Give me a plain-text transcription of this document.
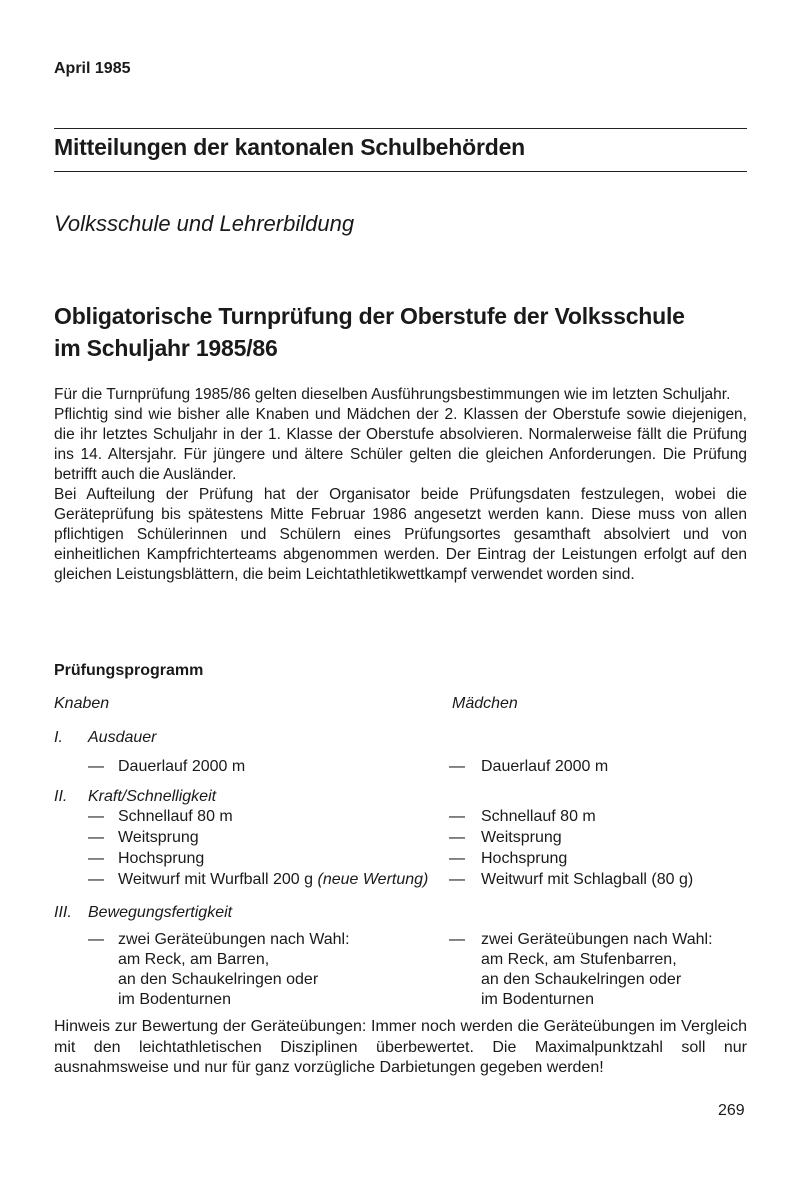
April 1985
Mitteilungen der kantonalen Schulbehörden
Volksschule und Lehrerbildung
Obligatorische Turnprüfung der Oberstufe der Volksschule
im Schuljahr 1985/86

Für die Turnprüfung 1985/86 gelten dieselben Ausführungsbestimmungen wie im letzten Schuljahr.

Pflichtig sind wie bisher alle Knaben und Mädchen der 2. Klassen der Oberstufe sowie diejenigen, die ihr letztes Schuljahr in der 1. Klasse der Oberstufe absolvieren. Normalerweise fällt die Prüfung ins 14. Altersjahr. Für jüngere und ältere Schüler gelten die gleichen Anforderungen. Die Prüfung betrifft auch die Ausländer.

Bei Aufteilung der Prüfung hat der Organisator beide Prüfungsdaten festzulegen, wobei die Geräteprüfung bis spätestens Mitte Februar 1986 angesetzt werden kann. Diese muss von allen pflichtigen Schülerinnen und Schülern eines Prüfungsortes gesamthaft absolviert und von einheitlichen Kampfrichterteams abgenommen werden. Der Eintrag der Leistungen erfolgt auf den gleichen Leistungsblättern, die beim Leichtathletikwettkampf verwendet worden sind.

Prüfungsprogramm
Knaben	Mädchen
I. Ausdauer
— Dauerlauf 2000 m	— Dauerlauf 2000 m
II. Kraft/Schnelligkeit
— Schnellauf 80 m	— Schnellauf 80 m
— Weitsprung	— Weitsprung
— Hochsprung	— Hochsprung
— Weitwurf mit Wurfball 200 g (neue Wertung) — Weitwurf mit Schlagball (80 g)
III. Bewegungsfertigkeit
— zwei Geräteübungen nach Wahl:
am Reck, am Barren,
an den Schaukelringen oder
im Bodenturnen
— zwei Geräteübungen nach Wahl:
am Reck, am Stufenbarren,
an den Schaukelringen oder
im Bodenturnen

Hinweis zur Bewertung der Geräteübungen: Immer noch werden die Geräteübungen im Vergleich mit den leichtathletischen Disziplinen überbewertet. Die Maximalpunktzahl soll nur ausnahmsweise und nur für ganz vorzügliche Darbietungen gegeben werden!

269
